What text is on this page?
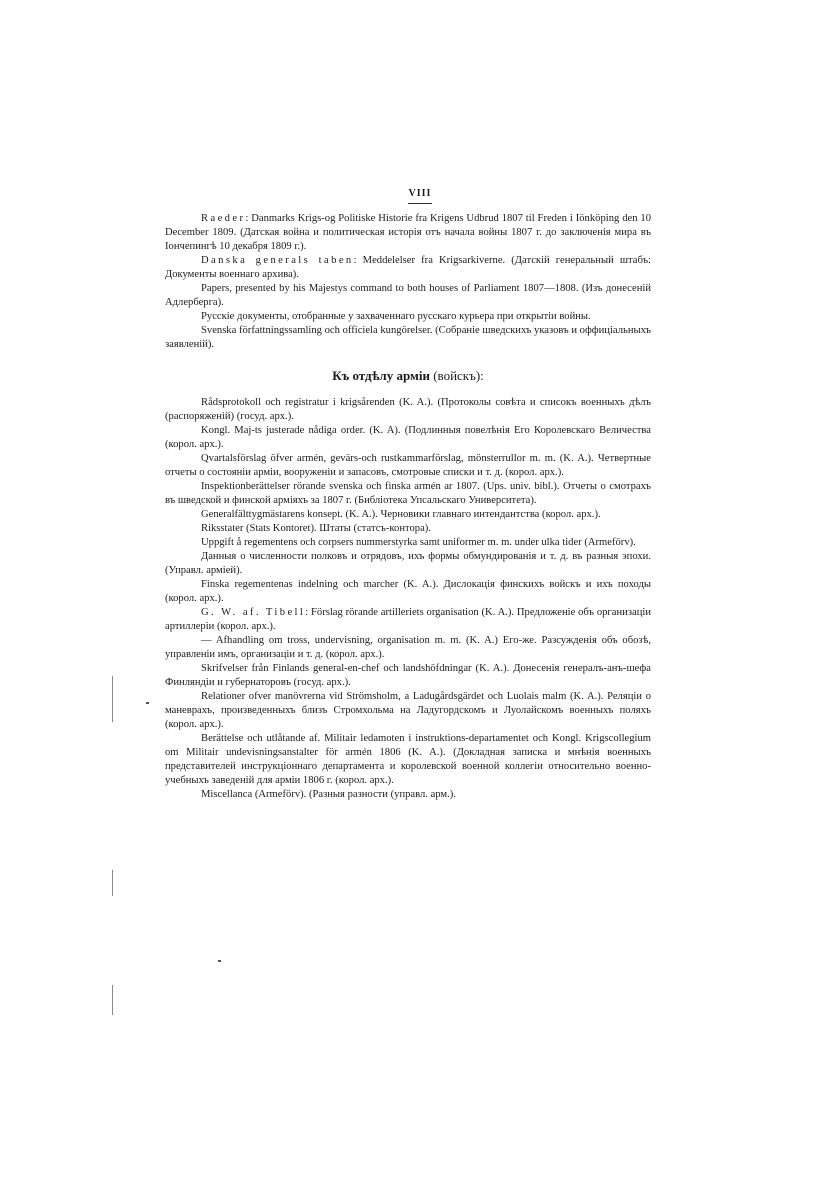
VIII

Raeder: Danmarks Krigs-og Politiske Historie fra Krigens Udbrud 1807 til Freden i Iönköping den 10 December 1809. (Датская война и политическая исторія отъ начала войны 1807 г. до заключенія мира въ Іончепингѣ 10 декабря 1809 г.).

Danska generals taben: Meddelelser fra Krigsarkiverne. (Датскій генеральный штабъ: Документы военнаго архива).

Papers, presented by his Majestys command to both houses of Parliament 1807—1808. (Изъ донесеній Адлерберга).

Русскіе документы, отобранные у захваченнаго русскаго курьера при открытіи войны.

Svenska författningssamling och officiela kungörelser. (Собраніе шведскихъ указовъ и оффиціальныхъ заявленій).

Къ отдѣлу арміи (войскъ):

Rådsprotokoll och registratur i krigsårenden (K. A.). (Протоколы совѣта и списокъ военныхъ дѣлъ (распоряженій) (госуд. арх.).

Kongl. Maj-ts justerade nådiga order. (K. A). (Подлинныя повелѣнія Его Королевскаго Величества (корол. арх.).

Qvartalsförslag öfver armén, gevärs-och rustkammarförslag, mönsterrullor m. m. (K. A.). Четвертные отчеты о состояніи арміи, вооруженіи и запасовъ, смотровые списки и т. д. (корол. арх.).

Inspektionberättelser rörande svenska och finska armén ar 1807. (Ups. univ. bibl.). Отчеты о смотрахъ въ шведской и финской арміяхъ за 1807 г. (Библіотека Упсальскаго Университета).

Generalfälttygmästarens konsept. (K. A.). Черновики главнаго интендантства (корол. арх.).

Riksstater (Stats Kontoret). Штаты (статсъ-контора).

Uppgift å regementens och corpsers nummerstyrka samt uniformer m. m. under ulka tider (Armeförv).

Данныя о численности полковъ и отрядовъ, ихъ формы обмундированія и т. д. въ разныя эпохи. (Управл. арміей).

Finska regementenas indelning och marcher (K. A.). Дислокація финскихъ войскъ и ихъ походы (корол. арх.).

G. W. af. Tibell: Förslag rörande artilleriets organisation (K. A.). Предложеніе объ организаціи артиллеріи (корол. арх.).

— Afhandling om tross, undervisning, organisation m. m. (K. A.) Его-же. Разсужденія объ обозѣ, управленіи имъ, организаціи и т. д. (корол. арх.).

Skrifvelser från Finlands general-en-chef och landshöfdningar (K. A.). Донесенія генералъ-анъ-шефа Финляндіи и губернаторовъ (госуд. арх.).

Relationer ofver manövrerna vid Strömsholm, a Ladugårdsgärdet och Luolais malm (K. A.). Реляціи о маневрахъ, произведенныхъ близъ Стромхольма на Ладугордскомъ и Луолайскомъ военныхъ поляхъ (корол. арх.).

Berättelse och utlåtande af. Militair ledamoten i instruktions-departamentet och Kongl. Krigscollegium om Militair undevisningsanstalter för armén 1806 (K. A.). (Докладная записка и мнѣнія военныхъ представителей инструкціоннаго департамента и королевской военной коллегіи относительно военно-учебныхъ заведеній для арміи 1806 г. (корол. арх.).

Miscellanca (Armeförv). (Разныя разности (управл. арм.).
